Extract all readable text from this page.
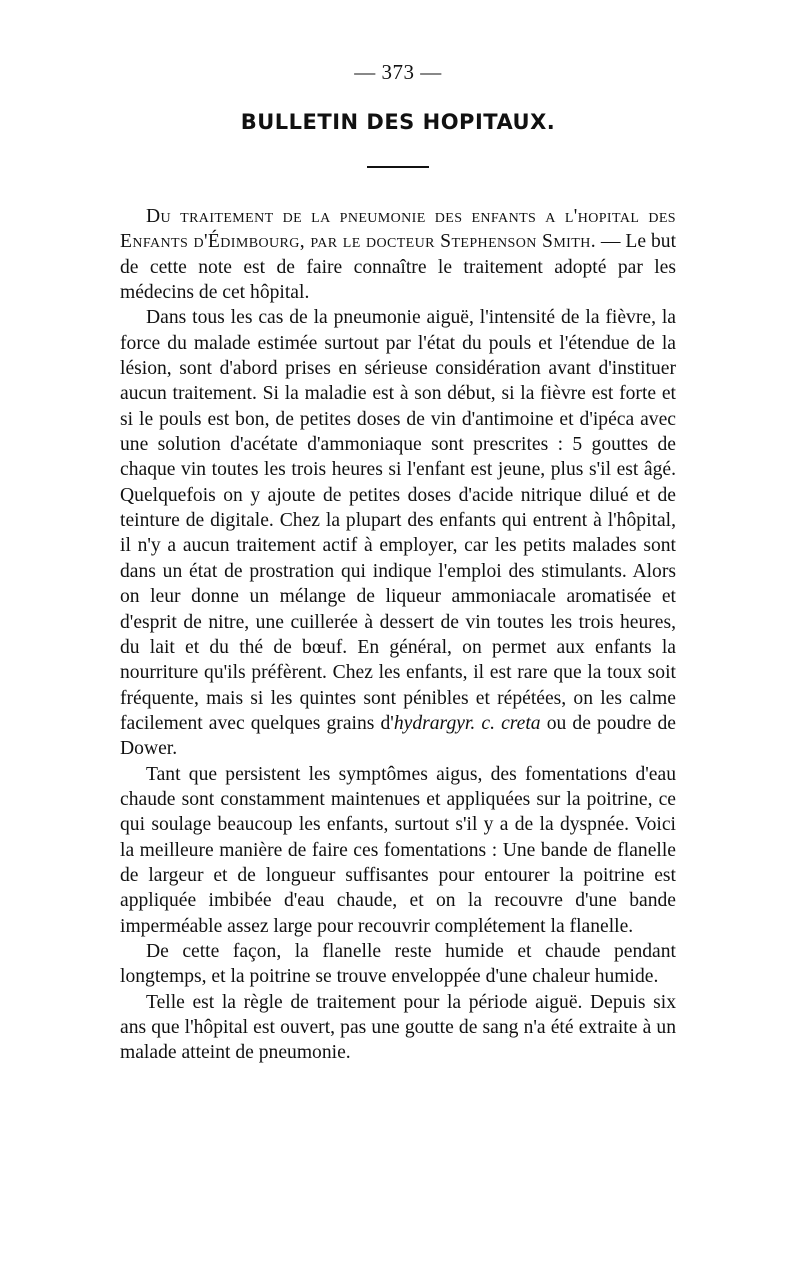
— 373 —

BULLETIN DES HOPITAUX.

Du traitement de la pneumonie des enfants a l'hopital des Enfants d'Édimbourg, par le docteur Stephenson Smith. — Le but de cette note est de faire connaître le traitement adopté par les médecins de cet hôpital.

Dans tous les cas de la pneumonie aiguë, l'intensité de la fièvre, la force du malade estimée surtout par l'état du pouls et l'étendue de la lésion, sont d'abord prises en sérieuse considération avant d'instituer aucun traitement. Si la maladie est à son début, si la fièvre est forte et si le pouls est bon, de petites doses de vin d'antimoine et d'ipéca avec une solution d'acétate d'ammoniaque sont prescrites : 5 gouttes de chaque vin toutes les trois heures si l'enfant est jeune, plus s'il est âgé. Quelquefois on y ajoute de petites doses d'acide nitrique dilué et de teinture de digitale. Chez la plupart des enfants qui entrent à l'hôpital, il n'y a aucun traitement actif à employer, car les petits malades sont dans un état de prostration qui indique l'emploi des stimulants. Alors on leur donne un mélange de liqueur ammoniacale aromatisée et d'esprit de nitre, une cuillerée à dessert de vin toutes les trois heures, du lait et du thé de bœuf. En général, on permet aux enfants la nourriture qu'ils préfèrent. Chez les enfants, il est rare que la toux soit fréquente, mais si les quintes sont pénibles et répétées, on les calme facilement avec quelques grains d'hydrargyr. c. creta ou de poudre de Dower.

Tant que persistent les symptômes aigus, des fomentations d'eau chaude sont constamment maintenues et appliquées sur la poitrine, ce qui soulage beaucoup les enfants, surtout s'il y a de la dyspnée. Voici la meilleure manière de faire ces fomentations : Une bande de flanelle de largeur et de longueur suffisantes pour entourer la poitrine est appliquée imbibée d'eau chaude, et on la recouvre d'une bande imperméable assez large pour recouvrir complétement la flanelle.

De cette façon, la flanelle reste humide et chaude pendant longtemps, et la poitrine se trouve enveloppée d'une chaleur humide.

Telle est la règle de traitement pour la période aiguë. Depuis six ans que l'hôpital est ouvert, pas une goutte de sang n'a été extraite à un malade atteint de pneumonie.
